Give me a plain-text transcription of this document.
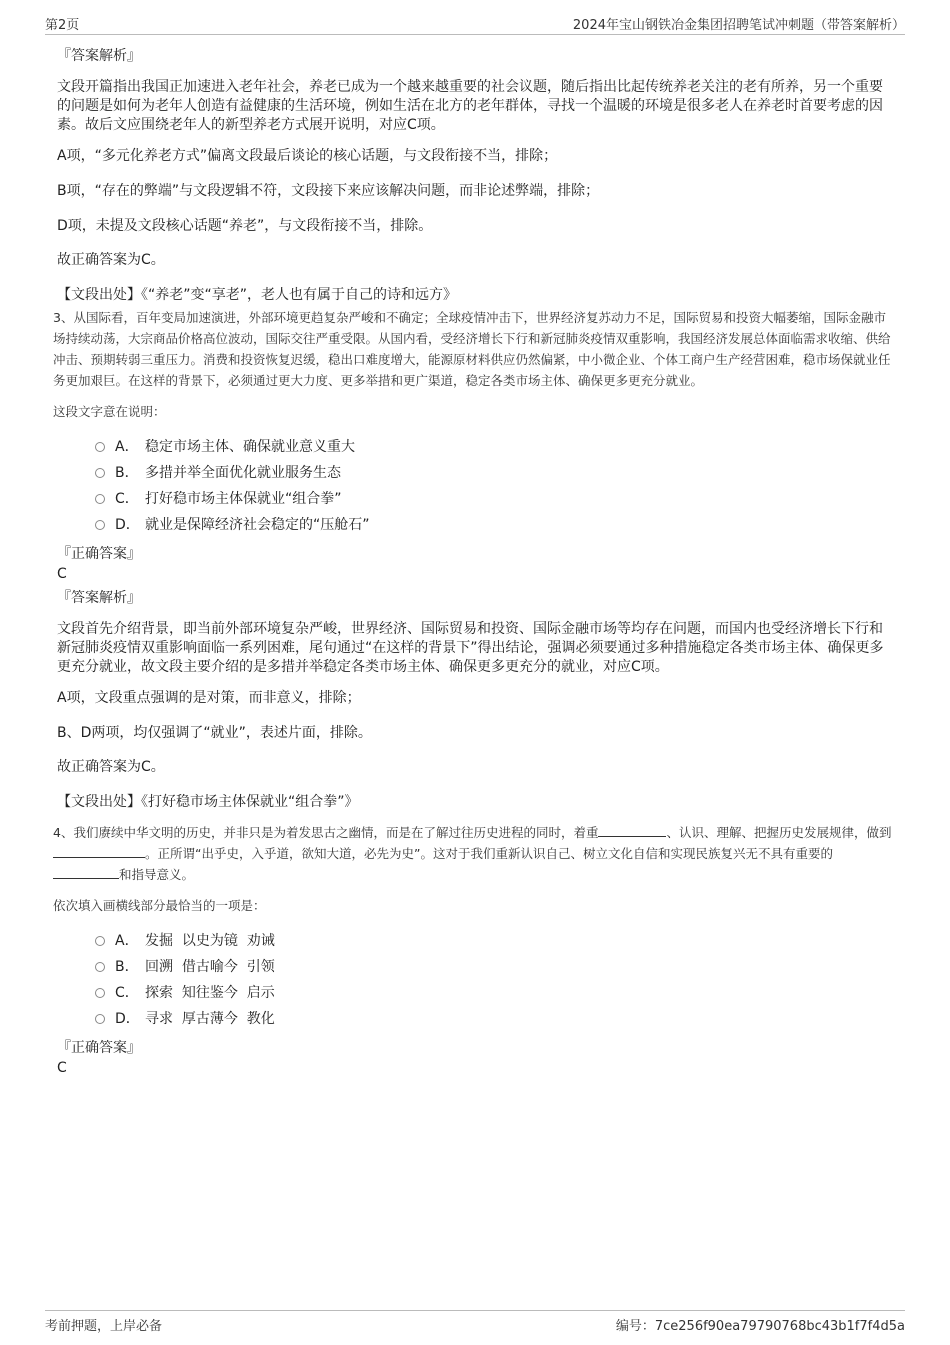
第2页	2024年宝山钢铁冶金集团招聘笔试冲刺题（带答案解析）

『答案解析』

文段开篇指出我国正加速进入老年社会，养老已成为一个越来越重要的社会议题，随后指出比起传统养老关注的老有所养，另一个重要的问题是如何为老年人创造有益健康的生活环境，例如生活在北方的老年群体，寻找一个温暖的环境是很多老人在养老时首要考虑的因素。故后文应围绕老年人的新型养老方式展开说明，对应C项。

A项，“多元化养老方式”偏离文段最后谈论的核心话题，与文段衔接不当，排除；

B项，“存在的弊端”与文段逻辑不符，文段接下来应该解决问题，而非论述弊端，排除；

D项，未提及文段核心话题“养老”，与文段衔接不当，排除。

故正确答案为C。

【文段出处】《“养老”变“享老”，老人也有属于自己的诗和远方》

3、从国际看，百年变局加速演进，外部环境更趋复杂严峻和不确定；全球疫情冲击下，世界经济复苏动力不足，国际贸易和投资大幅萎缩，国际金融市场持续动荡，大宗商品价格高位波动，国际交往严重受限。从国内看，受经济增长下行和新冠肺炎疫情双重影响，我国经济发展总体面临需求收缩、供给冲击、预期转弱三重压力。消费和投资恢复迟缓，稳出口难度增大，能源原材料供应仍然偏紧，中小微企业、个体工商户生产经营困难，稳市场保就业任务更加艰巨。在这样的背景下，必须通过更大力度、更多举措和更广渠道，稳定各类市场主体、确保更多更充分就业。

这段文字意在说明：

A． 稳定市场主体、确保就业意义重大
B． 多措并举全面优化就业服务生态
C． 打好稳市场主体保就业“组合拳”
D． 就业是保障经济社会稳定的“压舱石”

『正确答案』

C

『答案解析』

文段首先介绍背景，即当前外部环境复杂严峻，世界经济、国际贸易和投资、国际金融市场等均存在问题，而国内也受经济增长下行和新冠肺炎疫情双重影响面临一系列困难，尾句通过“在这样的背景下”得出结论，强调必须要通过多种措施稳定各类市场主体、确保更多更充分就业，故文段主要介绍的是多措并举稳定各类市场主体、确保更多更充分的就业，对应C项。

A项，文段重点强调的是对策，而非意义，排除；

B、D两项，均仅强调了“就业”，表述片面，排除。

故正确答案为C。

【文段出处】《打好稳市场主体保就业“组合拳”》

4、我们赓续中华文明的历史，并非只是为着发思古之幽情，而是在了解过往历史进程的同时，着重	、认识、理解、把握历史发展规律，做到。正所谓“出乎史，入乎道，欲知大道，必先为史”。这对于我们重新认识自己、树立文化自信和实现民族复兴无不具有重要的和指导意义。

依次填入画横线部分最恰当的一项是：

A． 发掘  以史为镜  劝诫
B． 回溯  借古喻今  引领
C． 探索  知往鉴今  启示
D． 寻求  厚古薄今  教化

『正确答案』

C

考前押题，上岸必备	编号：7ce256f90ea79790768bc43b1f7f4d5a
